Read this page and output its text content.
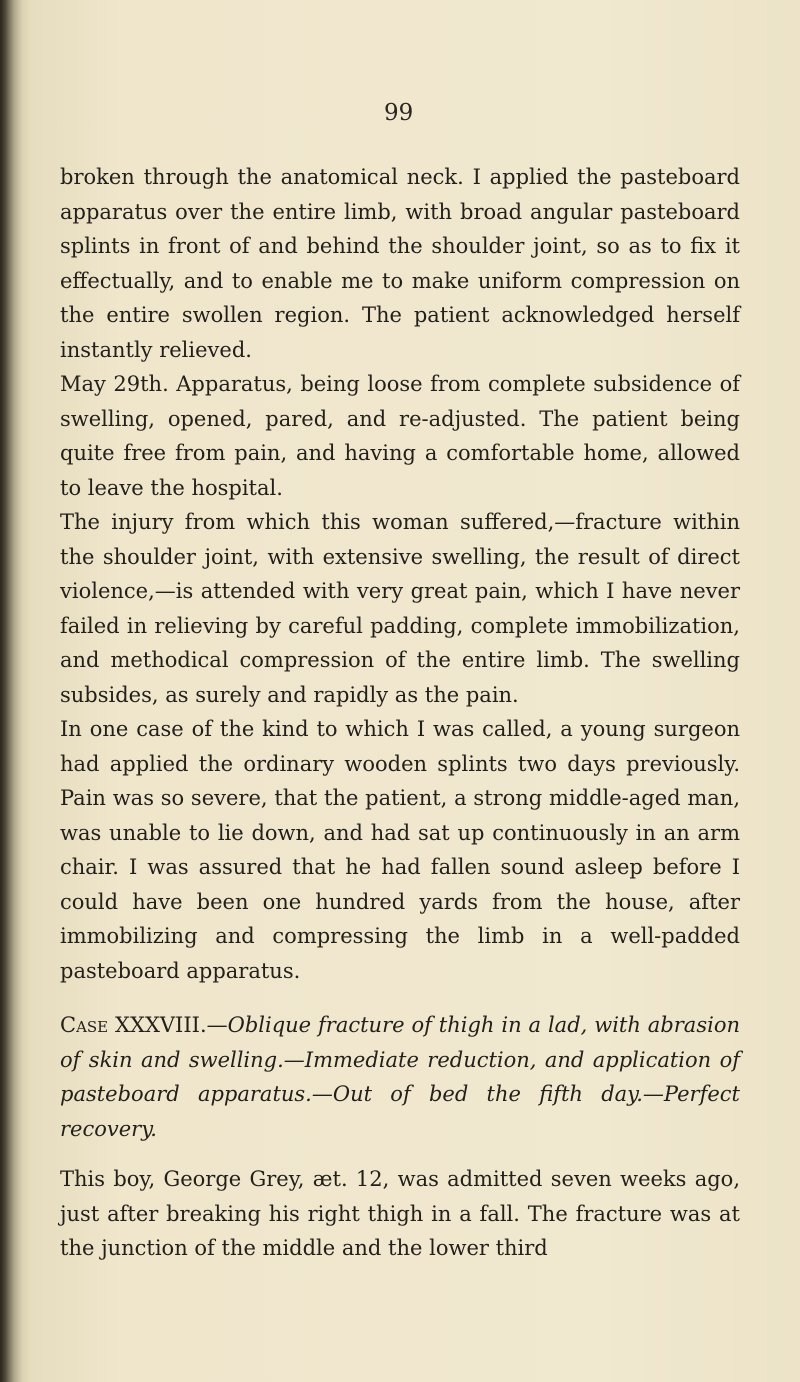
99

broken through the anatomical neck. I applied the pasteboard apparatus over the entire limb, with broad angular pasteboard splints in front of and behind the shoulder joint, so as to fix it effectually, and to enable me to make uniform compression on the entire swollen region. The patient acknowledged herself instantly relieved.

May 29th. Apparatus, being loose from complete subsidence of swelling, opened, pared, and re-adjusted. The patient being quite free from pain, and having a comfortable home, allowed to leave the hospital.

The injury from which this woman suffered,—fracture within the shoulder joint, with extensive swelling, the result of direct violence,—is attended with very great pain, which I have never failed in relieving by careful padding, complete immobilization, and methodical compression of the entire limb. The swelling subsides, as surely and rapidly as the pain.

In one case of the kind to which I was called, a young surgeon had applied the ordinary wooden splints two days previously. Pain was so severe, that the patient, a strong middle-aged man, was unable to lie down, and had sat up continuously in an arm chair. I was assured that he had fallen sound asleep before I could have been one hundred yards from the house, after immobilizing and compressing the limb in a well-padded pasteboard apparatus.

Case XXXVIII.—Oblique fracture of thigh in a lad, with abrasion of skin and swelling.—Immediate reduction, and application of pasteboard apparatus.—Out of bed the fifth day.—Perfect recovery.

This boy, George Grey, æt. 12, was admitted seven weeks ago, just after breaking his right thigh in a fall. The fracture was at the junction of the middle and the lower third
